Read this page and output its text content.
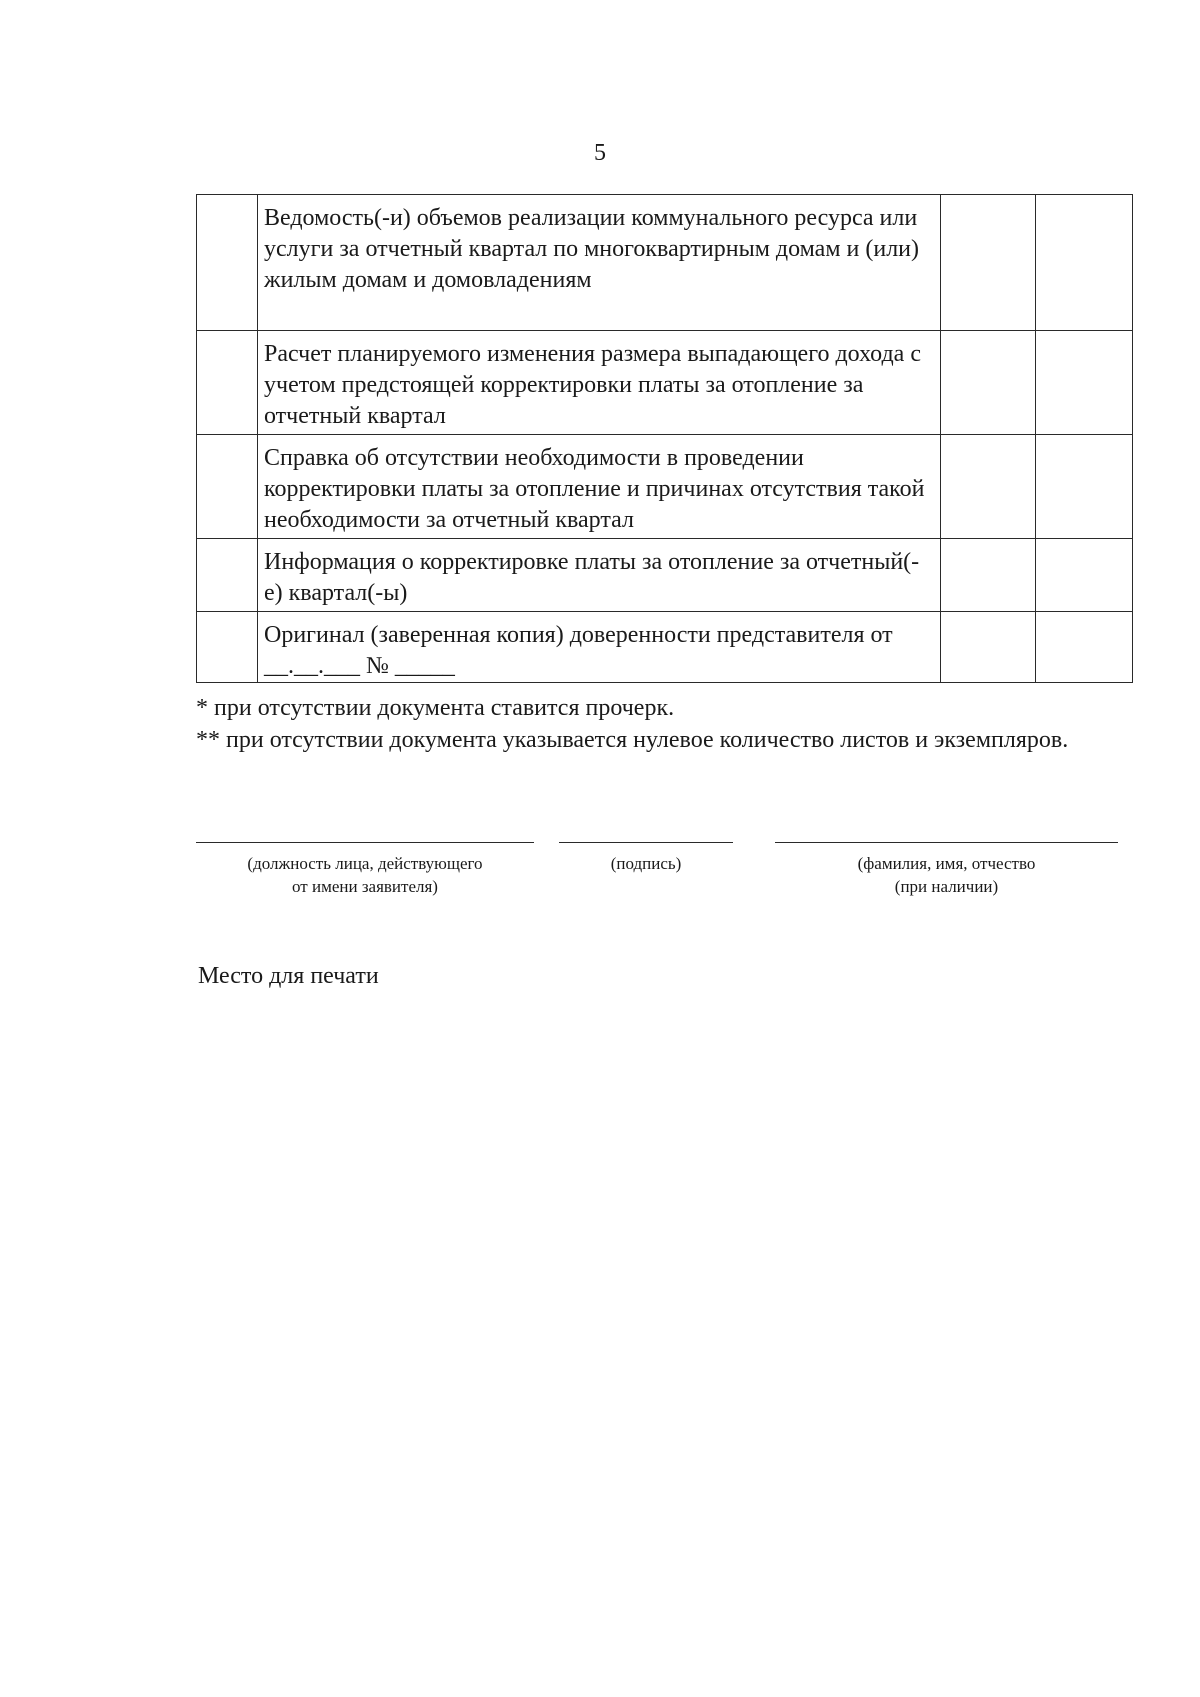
5
	Ведомость(-и) объемов реализации коммунального ресурса или услуги за отчетный квартал по многоквартирным домам и (или) жилым домам и домовладениям		
	Расчет планируемого изменения размера выпадающего дохода с учетом предстоящей корректировки платы за отопление за отчетный квартал		
	Справка об отсутствии необходимости в проведении корректировки платы за отопление и причинах отсутствия такой необходимости за отчетный квартал		
	Информация о корректировке платы за отопление за отчетный(-е) квартал(-ы)		
	Оригинал (заверенная копия) доверенности представителя от __.__.___ № _____		
* при отсутствии документа ставится прочерк.
** при отсутствии документа указывается нулевое количество листов и экземпляров.
(должность лица, действующего
от имени заявителя)
(подпись)	(фамилия, имя, отчество
(при наличии)
Место для печати
